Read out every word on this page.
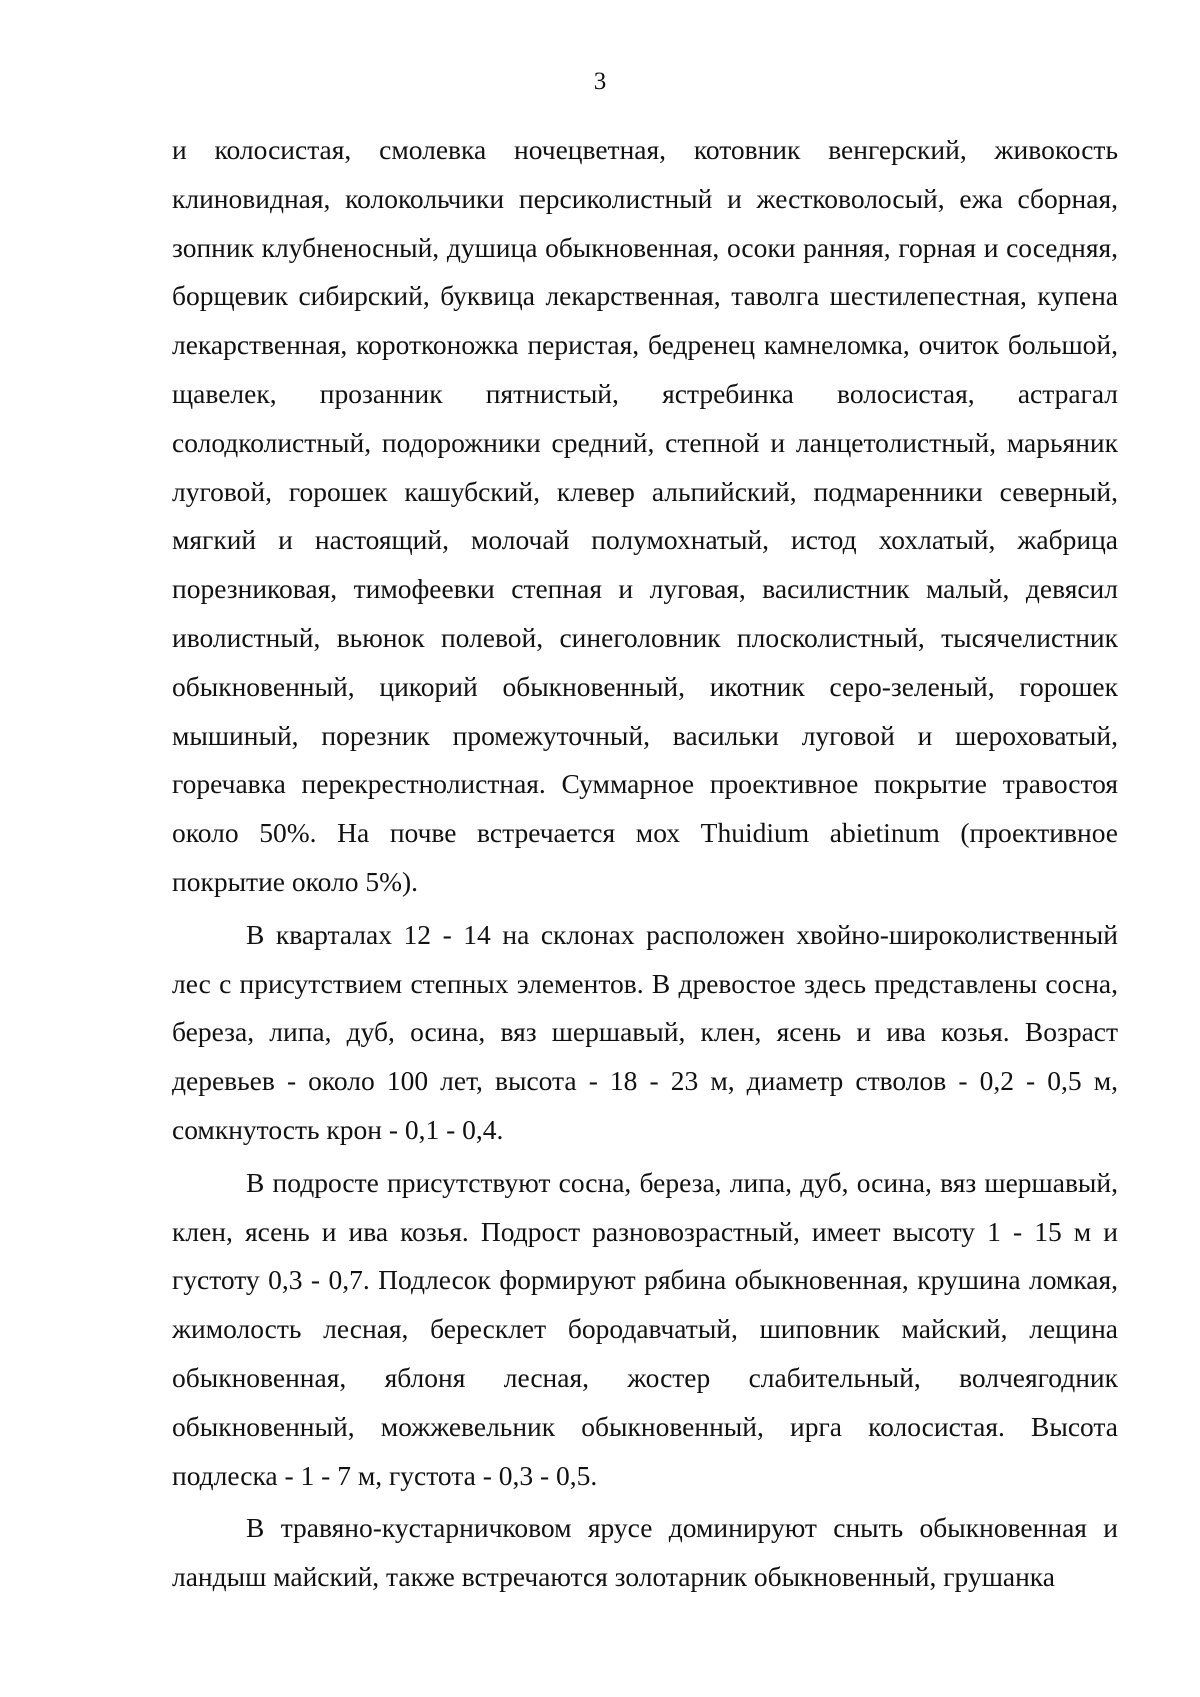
3

и колосистая, смолевка ночецветная, котовник венгерский, живокость клиновидная, колокольчики персиколистный и жестковолосый, ежа сборная, зопник клубненосный, душица обыкновенная, осоки ранняя, горная и соседняя, борщевик сибирский, буквица лекарственная, таволга шестилепестная, купена лекарственная, коротконожка перистая, бедренец камнеломка, очиток большой, щавелек, прозанник пятнистый, ястребинка волосистая, астрагал солодколистный, подорожники средний, степной и ланцетолистный, марьяник луговой, горошек кашубский, клевер альпийский, подмаренники северный, мягкий и настоящий, молочай полумохнатый, истод хохлатый, жабрица порезниковая, тимофеевки степная и луговая, василистник малый, девясил иволистный, вьюнок полевой, синеголовник плосколистный, тысячелистник обыкновенный, цикорий обыкновенный, икотник серо-зеленый, горошек мышиный, порезник промежуточный, васильки луговой и шероховатый, горечавка перекрестнолистная. Суммарное проективное покрытие травостоя около 50%. На почве встречается мох Thuidium abietinum (проективное покрытие около 5%).

В кварталах 12 - 14 на склонах расположен хвойно-широколиственный лес с присутствием степных элементов. В древостое здесь представлены сосна, береза, липа, дуб, осина, вяз шершавый, клен, ясень и ива козья. Возраст деревьев - около 100 лет, высота - 18 - 23 м, диаметр стволов - 0,2 - 0,5 м, сомкнутость крон - 0,1 - 0,4.

В подросте присутствуют сосна, береза, липа, дуб, осина, вяз шершавый, клен, ясень и ива козья. Подрост разновозрастный, имеет высоту 1 - 15 м и густоту 0,3 - 0,7. Подлесок формируют рябина обыкновенная, крушина ломкая, жимолость лесная, бересклет бородавчатый, шиповник майский, лещина обыкновенная, яблоня лесная, жостер слабительный, волчеягодник обыкновенный, можжевельник обыкновенный, ирга колосистая. Высота подлеска - 1 - 7 м, густота - 0,3 - 0,5.

В травяно-кустарничковом ярусе доминируют сныть обыкновенная и ландыш майский, также встречаются золотарник обыкновенный, грушанка
